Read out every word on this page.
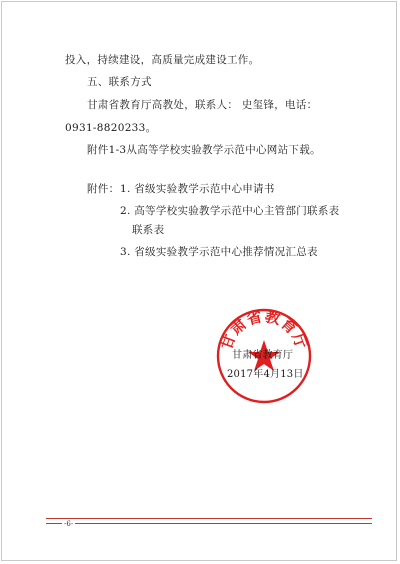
投入，持续建设，高质量完成建设工作。
五、联系方式
甘肃省教育厅高教处，联系人： 史玺锋，电话：
0931-8820233。
附件1-3从高等学校实验教学示范中心网站下载。
附件： 1. 省级实验教学示范中心申请书
2. 高等学校实验教学示范中心主管部门联系表
联系表
3. 省级实验教学示范中心推荐情况汇总表
甘肃省教育厅
甘肃省教育厅
2017年4月13日
-6-
